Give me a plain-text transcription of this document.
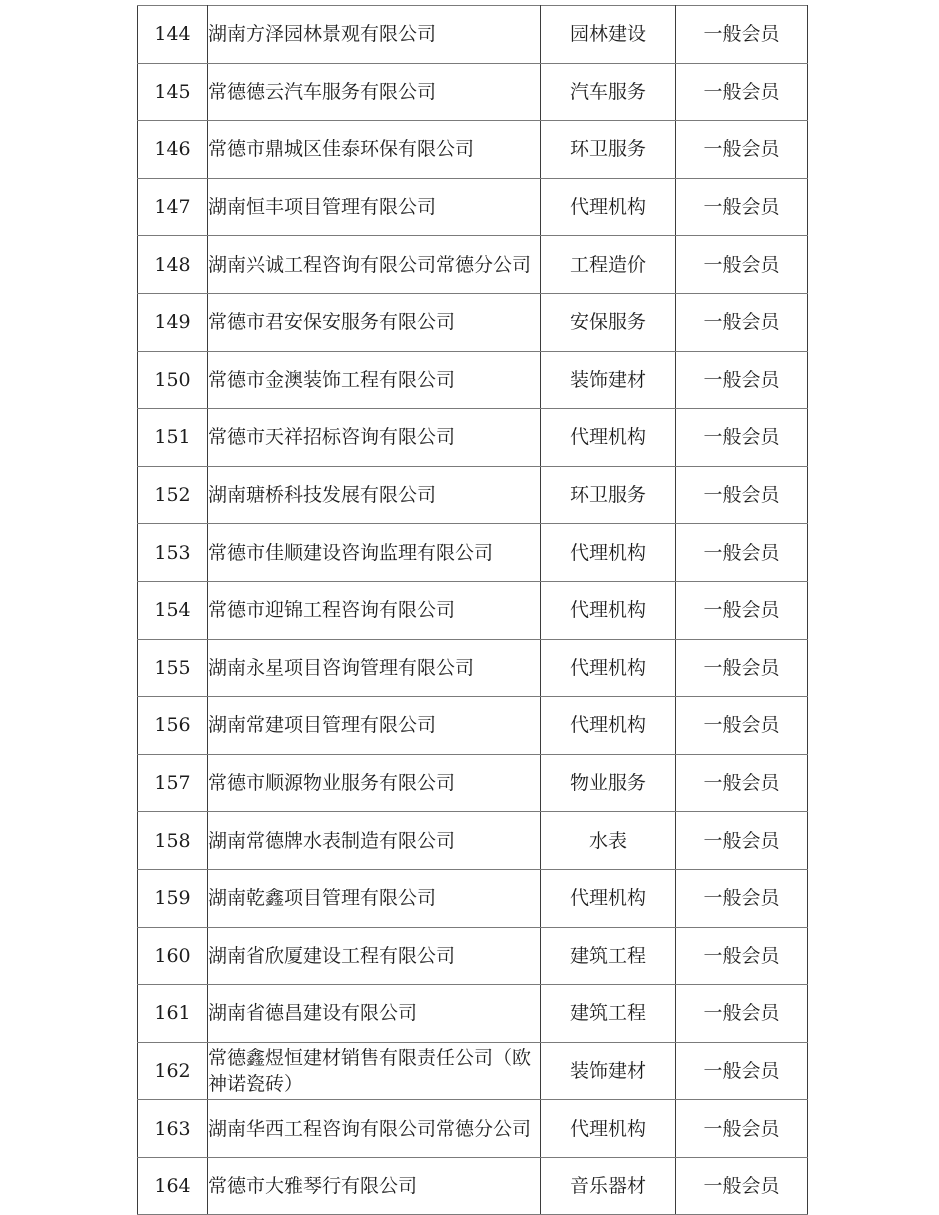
144	湖南方泽园林景观有限公司	园林建设	一般会员
145	常德德云汽车服务有限公司	汽车服务	一般会员
146	常德市鼎城区佳泰环保有限公司	环卫服务	一般会员
147	湖南恒丰项目管理有限公司	代理机构	一般会员
148	湖南兴诚工程咨询有限公司常德分公司	工程造价	一般会员
149	常德市君安保安服务有限公司	安保服务	一般会员
150	常德市金澳装饰工程有限公司	装饰建材	一般会员
151	常德市天祥招标咨询有限公司	代理机构	一般会员
152	湖南瑭桥科技发展有限公司	环卫服务	一般会员
153	常德市佳顺建设咨询监理有限公司	代理机构	一般会员
154	常德市迎锦工程咨询有限公司	代理机构	一般会员
155	湖南永星项目咨询管理有限公司	代理机构	一般会员
156	湖南常建项目管理有限公司	代理机构	一般会员
157	常德市顺源物业服务有限公司	物业服务	一般会员
158	湖南常德牌水表制造有限公司	水表	一般会员
159	湖南乾鑫项目管理有限公司	代理机构	一般会员
160	湖南省欣厦建设工程有限公司	建筑工程	一般会员
161	湖南省德昌建设有限公司	建筑工程	一般会员
162	常德鑫煜恒建材销售有限责任公司（欧神诺瓷砖）	装饰建材	一般会员
163	湖南华西工程咨询有限公司常德分公司	代理机构	一般会员
164	常德市大雅琴行有限公司	音乐器材	一般会员
